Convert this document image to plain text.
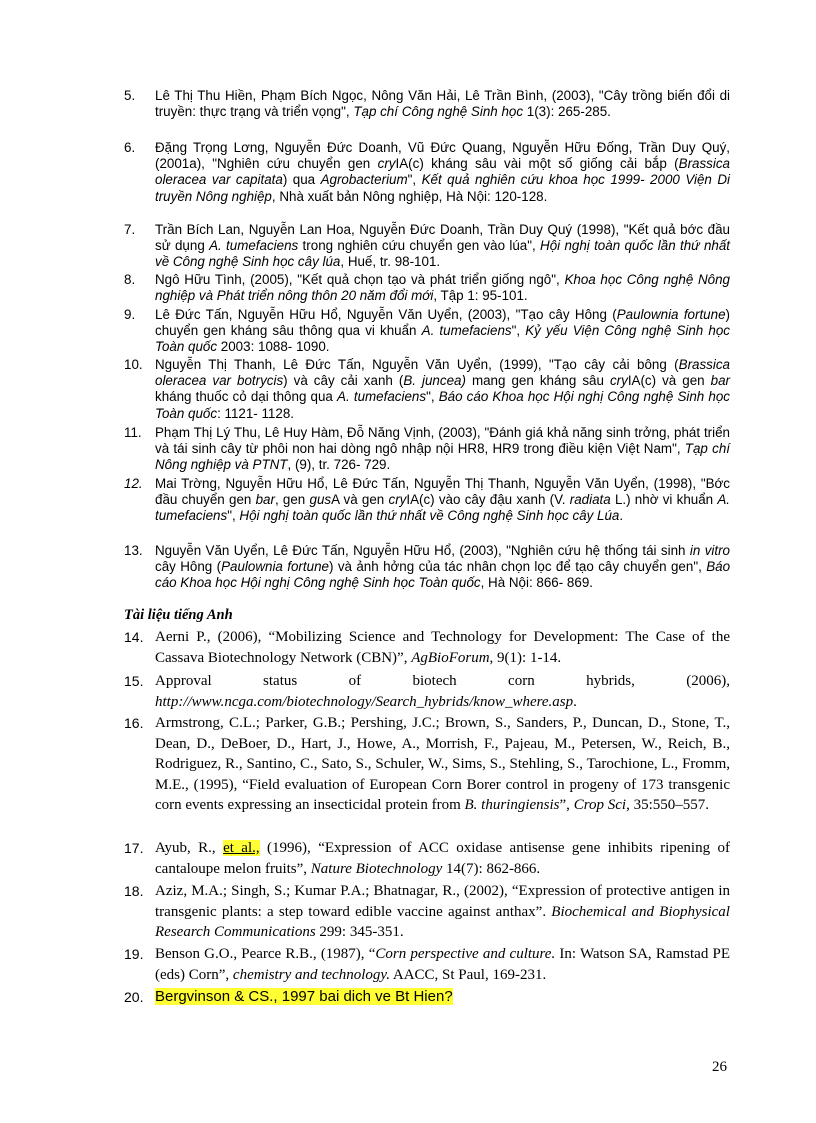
5. Lê Thị Thu Hiền, Phạm Bích Ngọc, Nông Văn Hải, Lê Trần Bình, (2003), "Cây trồng biến đổi di truyền: thực trạng và triển vọng", Tạp chí Công nghệ Sinh học 1(3): 265-285.
6. Đặng Trọng Lơng, Nguyễn Đức Doanh, Vũ Đức Quang, Nguyễn Hữu Đống, Trần Duy Quý, (2001a), "Nghiên cứu chuyển gen cryIA(c) kháng sâu vài một số giống cải bắp (Brassica oleracea var capitata) qua Agrobacterium", Kết quả nghiên cứu khoa học 1999- 2000 Viện Di truyền Nông nghiệp, Nhà xuất bản Nông nghiệp, Hà Nội: 120-128.
7. Trần Bích Lan, Nguyễn Lan Hoa, Nguyễn Đức Doanh, Trần Duy Quý (1998), "Kết quả bớc đầu sử dụng A. tumefaciens trong nghiên cứu chuyển gen vào lúa", Hội nghị toàn quốc lần thứ nhất về Công nghệ Sinh học cây lúa, Huế, tr. 98-101.
8. Ngô Hữu Tình, (2005), "Kết quả chọn tạo và phát triển giống ngô", Khoa học Công nghệ Nông nghiệp và Phát triển nông thôn 20 năm đổi mới, Tập 1: 95-101.
9. Lê Đức Tấn, Nguyễn Hữu Hổ, Nguyễn Văn Uyển, (2003), "Tạo cây Hông (Paulownia fortune) chuyển gen kháng sâu thông qua vi khuẩn A. tumefaciens", Kỷ yếu Viện Công nghệ Sinh học Toàn quốc 2003: 1088- 1090.
10. Nguyễn Thị Thanh, Lê Đức Tấn, Nguyễn Văn Uyển, (1999), "Tạo cây cải bông (Brassica oleracea var botrycis) và cây cải xanh (B. juncea) mang gen kháng sâu cryIA(c) và gen bar kháng thuốc cỏ dại thông qua A. tumefaciens", Báo cáo Khoa học Hội nghị Công nghệ Sinh học Toàn quốc: 1121- 1128.
11. Phạm Thị Lý Thu, Lê Huy Hàm, Đỗ Năng Vịnh, (2003), "Đánh giá khả năng sinh trởng, phát triển và tái sinh cây từ phôi non hai dòng ngô nhập nội HR8, HR9 trong điều kiện Việt Nam", Tạp chí Nông nghiệp và PTNT, (9), tr. 726- 729.
12. Mai Trờng, Nguyễn Hữu Hổ, Lê Đức Tấn, Nguyễn Thị Thanh, Nguyễn Văn Uyển, (1998), "Bớc đầu chuyển gen bar, gen gusA và gen cryIA(c) vào cây đậu xanh (V. radiata L.) nhờ vi khuẩn A. tumefaciens", Hội nghị toàn quốc lần thứ nhất về Công nghệ Sinh học cây Lúa.
13. Nguyễn Văn Uyển, Lê Đức Tấn, Nguyễn Hữu Hổ, (2003), "Nghiên cứu hệ thống tái sinh in vitro cây Hông (Paulownia fortune) và ảnh hởng của tác nhân chọn lọc để tạo cây chuyển gen", Báo cáo Khoa học Hội nghị Công nghệ Sinh học Toàn quốc, Hà Nội: 866- 869.
Tài liệu tiếng Anh
14. Aerni P., (2006), “Mobilizing Science and Technology for Development: The Case of the Cassava Biotechnology Network (CBN)”, AgBioForum, 9(1): 1-14.
15. Approval status of biotech corn hybrids, (2006), http://www.ncga.com/biotechnology/Search_hybrids/know_where.asp.
16. Armstrong, C.L.; Parker, G.B.; Pershing, J.C.; Brown, S., Sanders, P., Duncan, D., Stone, T., Dean, D., DeBoer, D., Hart, J., Howe, A., Morrish, F., Pajeau, M., Petersen, W., Reich, B., Rodriguez, R., Santino, C., Sato, S., Schuler, W., Sims, S., Stehling, S., Tarochione, L., Fromm, M.E., (1995), “Field evaluation of European Corn Borer control in progeny of 173 transgenic corn events expressing an insecticidal protein from B. thuringiensis”, Crop Sci, 35:550–557.
17. Ayub, R., et al., (1996), “Expression of ACC oxidase antisense gene inhibits ripening of cantaloupe melon fruits”, Nature Biotechnology 14(7): 862-866.
18. Aziz, M.A.; Singh, S.; Kumar P.A.; Bhatnagar, R., (2002), “Expression of protective antigen in transgenic plants: a step toward edible vaccine against anthax”. Biochemical and Biophysical Research Communications 299: 345-351.
19. Benson G.O., Pearce R.B., (1987), “Corn perspective and culture. In: Watson SA, Ramstad PE (eds) Corn”, chemistry and technology. AACC, St Paul, 169-231.
20. Bergvinson & CS., 1997 bai dich ve Bt Hien?
26
